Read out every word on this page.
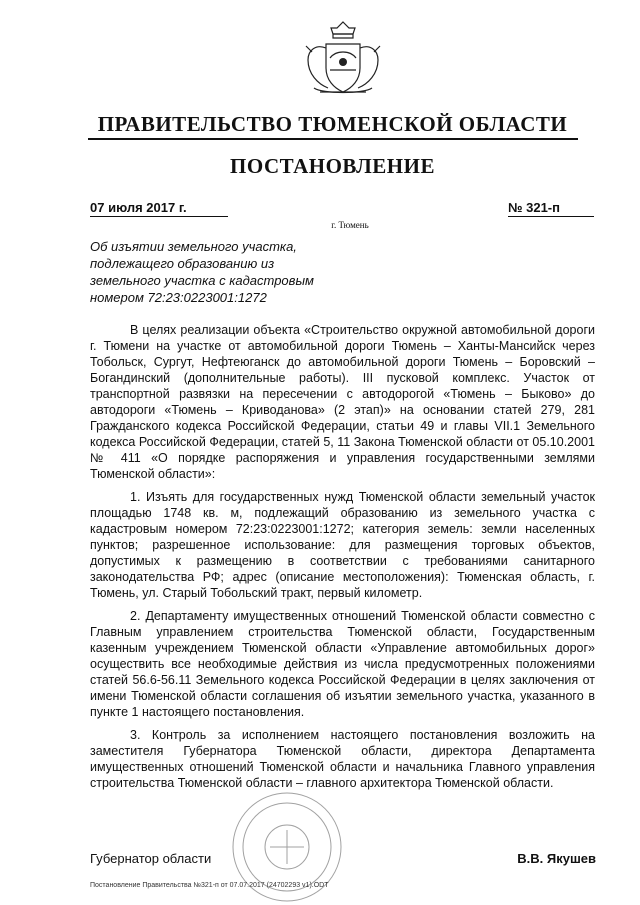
ПРАВИТЕЛЬСТВО ТЮМЕНСКОЙ ОБЛАСТИ
ПОСТАНОВЛЕНИЕ
07 июля 2017 г.	№ 321-п
г. Тюмень
Об изъятии земельного участка,
подлежащего образованию из
земельного участка с кадастровым
номером 72:23:0223001:1272

В целях реализации объекта «Строительство окружной автомобильной дороги г. Тюмени на участке от автомобильной дороги Тюмень – Ханты-Мансийск через Тобольск, Сургут, Нефтеюганск до автомобильной дороги Тюмень – Боровский – Богандинский (дополнительные работы). III пусковой комплекс. Участок от транспортной развязки на пересечении с автодорогой «Тюмень – Быково» до автодороги «Тюмень – Криводанова» (2 этап)» на основании статей 279, 281 Гражданского кодекса Российской Федерации, статьи 49 и главы VII.1 Земельного кодекса Российской Федерации, статей 5, 11 Закона Тюменской области от 05.10.2001 № 411 «О порядке распоряжения и управления государственными землями Тюменской области»:

1. Изъять для государственных нужд Тюменской области земельный участок площадью 1748 кв. м, подлежащий образованию из земельного участка с кадастровым номером 72:23:0223001:1272; категория земель: земли населенных пунктов; разрешенное использование: для размещения торговых объектов, допустимых к размещению в соответствии с требованиями санитарного законодательства РФ; адрес (описание местоположения): Тюменская область, г. Тюмень, ул. Старый Тобольский тракт, первый километр.

2. Департаменту имущественных отношений Тюменской области совместно с Главным управлением строительства Тюменской области, Государственным казенным учреждением Тюменской области «Управление автомобильных дорог» осуществить все необходимые действия из числа предусмотренных положениями статей 56.6-56.11 Земельного кодекса Российской Федерации в целях заключения от имени Тюменской области соглашения об изъятии земельного участка, указанного в пункте 1 настоящего постановления.

3. Контроль за исполнением настоящего постановления возложить на заместителя Губернатора Тюменской области, директора Департамента имущественных отношений Тюменской области и начальника Главного управления строительства Тюменской области – главного архитектора Тюменской области.

Губернатор области	В.В. Якушев
Постановление Правительства №321-п от 07.07.2017 (24702293 v1).ODT
